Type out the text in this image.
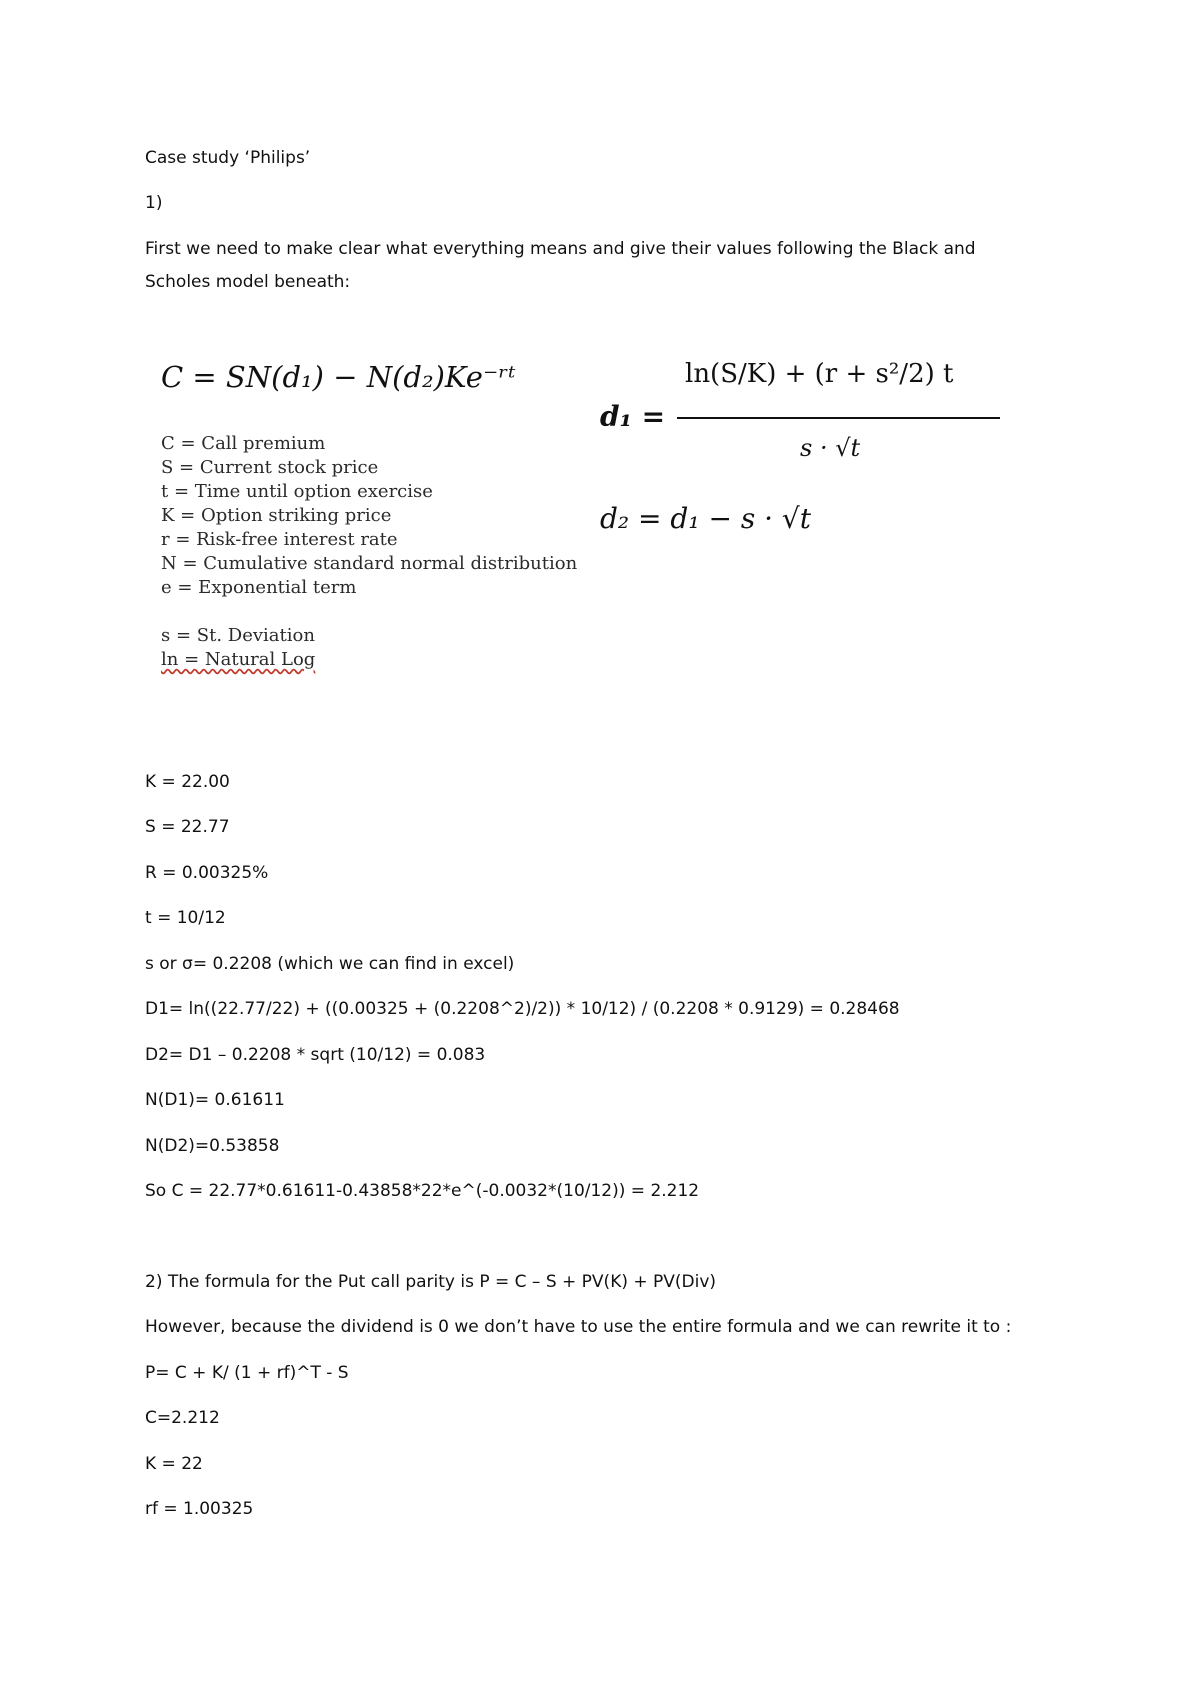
Case study ‘Philips’
1)
First we need to make clear what everything means and give their values following the Black and
Scholes model beneath:
C = SN(d₁) − N(d₂)Ke⁻ʳᵗ
C = Call premium
S = Current stock price
t = Time until option exercise
K = Option striking price
r = Risk-free interest rate
N = Cumulative standard normal distribution
e = Exponential term
s = St. Deviation
ln = Natural Log
d₁ =
ln(S/K) + (r + s²/2) t
s · √t
d₂ = d₁ − s · √t
K = 22.00
S = 22.77
R = 0.00325%
t = 10/12
s or σ= 0.2208 (which we can find in excel)
D1= ln((22.77/22) + ((0.00325 + (0.2208^2)/2)) * 10/12) / (0.2208 * 0.9129) = 0.28468
D2= D1 – 0.2208 * sqrt (10/12) = 0.083
N(D1)= 0.61611
N(D2)=0.53858
So C = 22.77*0.61611-0.43858*22*e^(-0.0032*(10/12)) = 2.212
2) The formula for the Put call parity is P = C – S + PV(K) + PV(Div)
However, because the dividend is 0 we don’t have to use the entire formula and we can rewrite it to :
P= C + K/ (1 + rf)^T - S
C=2.212
K = 22
rf = 1.00325
